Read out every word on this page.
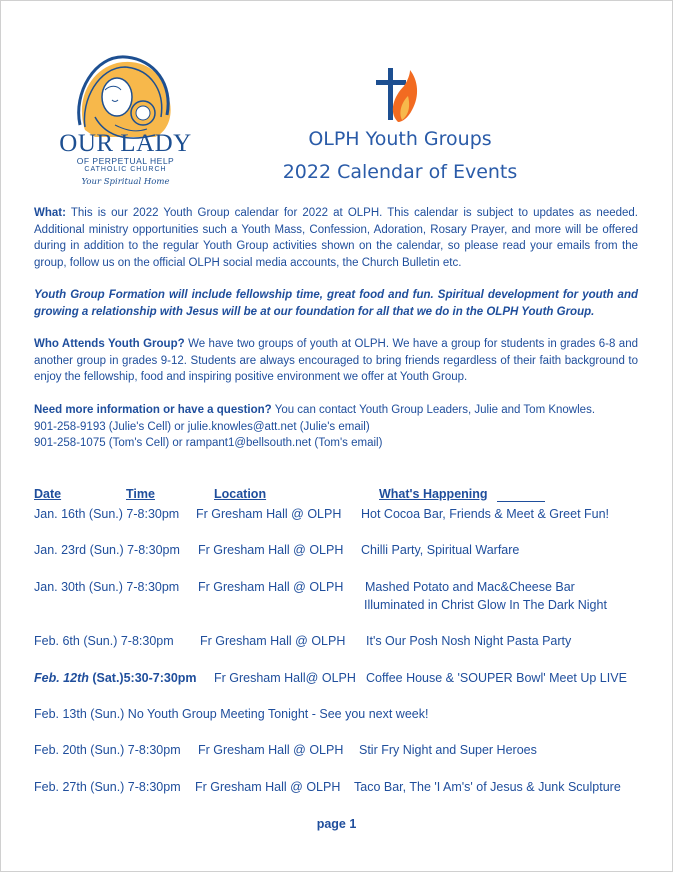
OUR LADY
OF PERPETUAL HELP
CATHOLIC CHURCH
Your Spiritual Home
OLPH Youth Groups
2022 Calendar of Events
What: This is our 2022 Youth Group calendar for 2022 at OLPH. This calendar is subject to updates as needed. Additional ministry opportunities such a Youth Mass, Confession, Adoration, Rosary Prayer, and more will be offered during in addition to the regular Youth Group activities shown on the calendar, so please read your emails from the group, follow us on the official OLPH social media accounts, the Church Bulletin etc.
Youth Group Formation will include fellowship time, great food and fun. Spiritual development for youth and growing a relationship with Jesus will be at our foundation for all that we do in the OLPH Youth Group.
Who Attends Youth Group? We have two groups of youth at OLPH. We have a group for students in grades 6-8 and another group in grades 9-12. Students are always encouraged to bring friends regardless of their faith background to enjoy the fellowship, food and inspiring positive environment we offer at Youth Group.
Need more information or have a question? You can contact Youth Group Leaders, Julie and Tom Knowles.
901-258-9193 (Julie's Cell) or julie.knowles@att.net (Julie's email)
901-258-1075 (Tom's Cell) or rampant1@bellsouth.net (Tom's email)
Date	Time	Location	What's Happening
Jan. 16th (Sun.) 7-8:30pm Fr Gresham Hall @ OLPH Hot Cocoa Bar, Friends & Meet & Greet Fun!
Jan. 23rd (Sun.) 7-8:30pm Fr Gresham Hall @ OLPH Chilli Party, Spiritual Warfare
Jan. 30th (Sun.) 7-8:30pm Fr Gresham Hall @ OLPH Mashed Potato and Mac&Cheese Bar
Illuminated in Christ Glow In The Dark Night
Feb. 6th (Sun.) 7-8:30pm Fr Gresham Hall @ OLPH It's Our Posh Nosh Night Pasta Party
Feb. 12th (Sat.)5:30-7:30pm Fr Gresham Hall@ OLPH Coffee House & 'SOUPER Bowl' Meet Up LIVE
Feb. 13th (Sun.) No Youth Group Meeting Tonight - See you next week!
Feb. 20th (Sun.) 7-8:30pm Fr Gresham Hall @ OLPH Stir Fry Night and Super Heroes
Feb. 27th (Sun.) 7-8:30pm Fr Gresham Hall @ OLPH Taco Bar, The 'I Am's' of Jesus & Junk Sculpture
page 1
